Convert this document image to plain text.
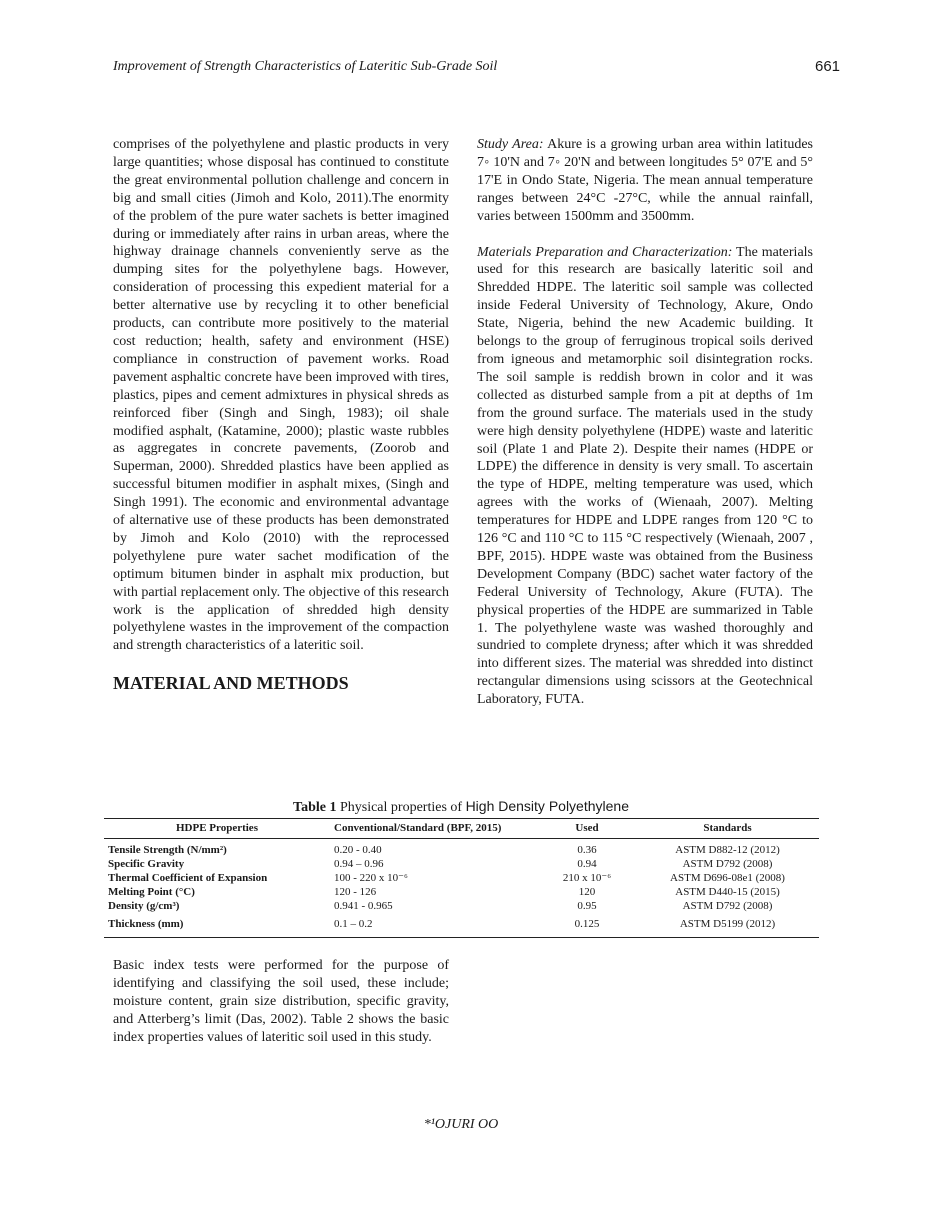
Improvement of Strength Characteristics of Lateritic Sub-Grade Soil	661

comprises of the polyethylene and plastic products in very large quantities; whose disposal has continued to constitute the great environmental pollution challenge and concern in big and small cities (Jimoh and Kolo, 2011).The enormity of the problem of the pure water sachets is better imagined during or immediately after rains in urban areas, where the highway drainage channels conveniently serve as the dumping sites for the polyethylene bags. However, consideration of processing this expedient material for a better alternative use by recycling it to other beneficial products, can contribute more positively to the material cost reduction; health, safety and environment (HSE) compliance in construction of pavement works. Road pavement asphaltic concrete have been improved with tires, plastics, pipes and cement admixtures in physical shreds as reinforced fiber (Singh and Singh, 1983); oil shale modified asphalt, (Katamine, 2000); plastic waste rubbles as aggregates in concrete pavements, (Zoorob and Superman, 2000). Shredded plastics have been applied as successful bitumen modifier in asphalt mixes, (Singh and Singh 1991). The economic and environmental advantage of alternative use of these products has been demonstrated by Jimoh and Kolo (2010) with the reprocessed polyethylene pure water sachet modification of the optimum bitumen binder in asphalt mix production, but with partial replacement only. The objective of this research work is the application of shredded high density polyethylene wastes in the improvement of the compaction and strength characteristics of a lateritic soil.

MATERIAL AND METHODS

Study Area: Akure is a growing urban area within latitudes 7◦ 10'N and 7◦ 20'N and between longitudes 5° 07'E and 5° 17'E in Ondo State, Nigeria. The mean annual temperature ranges between 24°C -27°C, while the annual rainfall, varies between 1500mm and 3500mm.

Materials Preparation and Characterization: The materials used for this research are basically lateritic soil and Shredded HDPE. The lateritic soil sample was collected inside Federal University of Technology, Akure, Ondo State, Nigeria, behind the new Academic building. It belongs to the group of ferruginous tropical soils derived from igneous and metamorphic soil disintegration rocks. The soil sample is reddish brown in color and it was collected as disturbed sample from a pit at depths of 1m from the ground surface. The materials used in the study were high density polyethylene (HDPE) waste and lateritic soil (Plate 1 and Plate 2). Despite their names (HDPE or LDPE) the difference in density is very small. To ascertain the type of HDPE, melting temperature was used, which agrees with the works of (Wienaah, 2007). Melting temperatures for HDPE and LDPE ranges from 120 °C to 126 °C and 110 °C to 115 °C respectively (Wienaah, 2007 , BPF, 2015). HDPE waste was obtained from the Business Development Company (BDC) sachet water factory of the Federal University of Technology, Akure (FUTA). The physical properties of the HDPE are summarized in Table 1. The polyethylene waste was washed thoroughly and sundried to complete dryness; after which it was shredded into different sizes. The material was shredded into distinct rectangular dimensions using scissors at the Geotechnical Laboratory, FUTA.

Table 1 Physical properties of High Density Polyethylene
HDPE Properties	Conventional/Standard (BPF, 2015)	Used	Standards
Tensile Strength (N/mm²)	0.20 - 0.40	0.36	ASTM D882-12 (2012)
Specific Gravity	0.94 – 0.96	0.94	ASTM D792 (2008)
Thermal Coefficient of Expansion	100 - 220 x 10⁻⁶	210 x 10⁻⁶	ASTM D696-08e1 (2008)
Melting Point (°C)	120 - 126	120	ASTM D440-15 (2015)
Density (g/cm³)	0.941 - 0.965	0.95	ASTM D792 (2008)
Thickness (mm)	0.1 – 0.2	0.125	ASTM D5199 (2012)

Basic index tests were performed for the purpose of identifying and classifying the soil used, these include; moisture content, grain size distribution, specific gravity, and Atterberg’s limit (Das, 2002). Table 2 shows the basic index properties values of lateritic soil used in this study.

*¹OJURI OO
